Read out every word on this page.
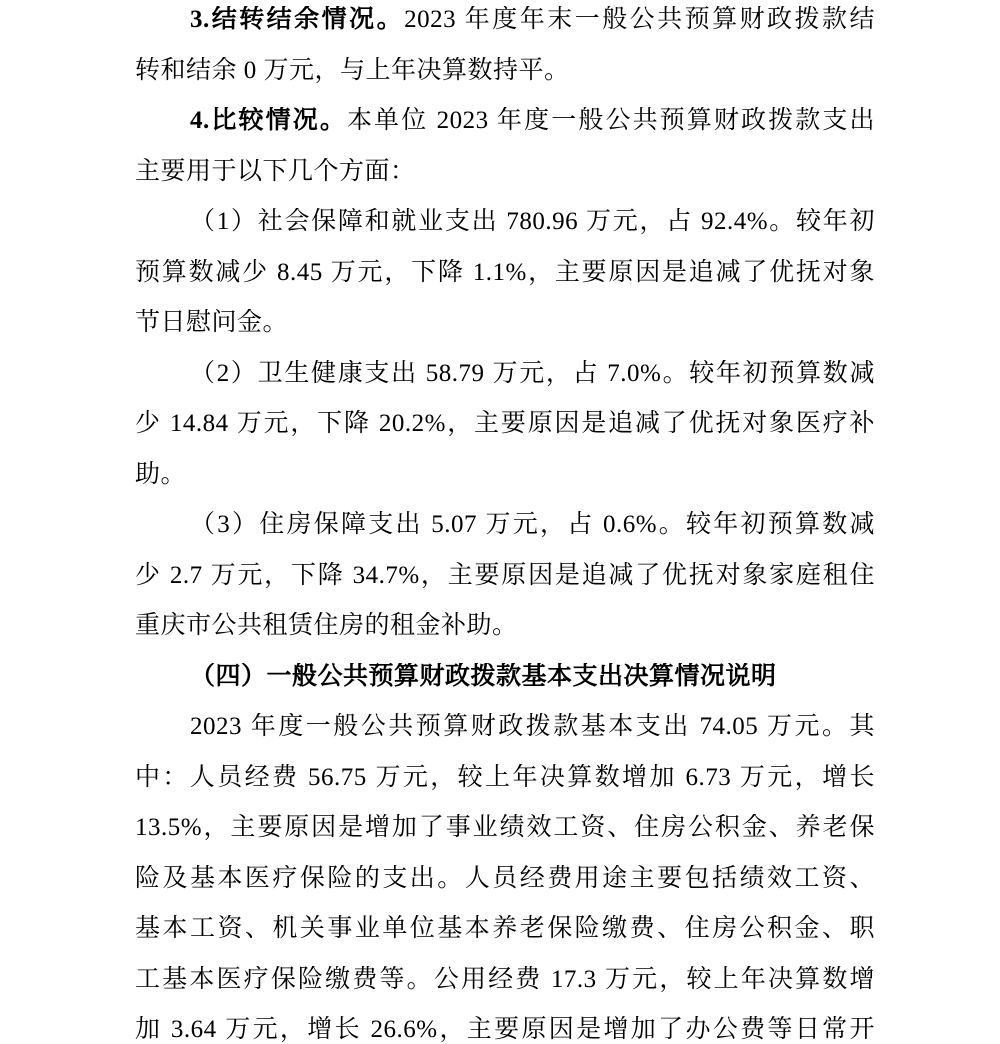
3.结转结余情况。2023 年度年末一般公共预算财政拨款结
转和结余 0 万元，与上年决算数持平。
4.比较情况。本单位 2023 年度一般公共预算财政拨款支出
主要用于以下几个方面：
（1）社会保障和就业支出 780.96 万元，占 92.4%。较年初
预算数减少 8.45 万元，下降 1.1%，主要原因是追减了优抚对象
节日慰问金。
（2）卫生健康支出 58.79 万元，占 7.0%。较年初预算数减
少 14.84 万元，下降 20.2%，主要原因是追减了优抚对象医疗补
助。
（3）住房保障支出 5.07 万元，占 0.6%。较年初预算数减
少 2.7 万元，下降 34.7%，主要原因是追减了优抚对象家庭租住
重庆市公共租赁住房的租金补助。
（四）一般公共预算财政拨款基本支出决算情况说明
2023 年度一般公共预算财政拨款基本支出 74.05 万元。其
中：人员经费 56.75 万元，较上年决算数增加 6.73 万元，增长
13.5%，主要原因是增加了事业绩效工资、住房公积金、养老保
险及基本医疗保险的支出。人员经费用途主要包括绩效工资、
基本工资、机关事业单位基本养老保险缴费、住房公积金、职
工基本医疗保险缴费等。公用经费 17.3 万元，较上年决算数增
加 3.64 万元，增长 26.6%，主要原因是增加了办公费等日常开
